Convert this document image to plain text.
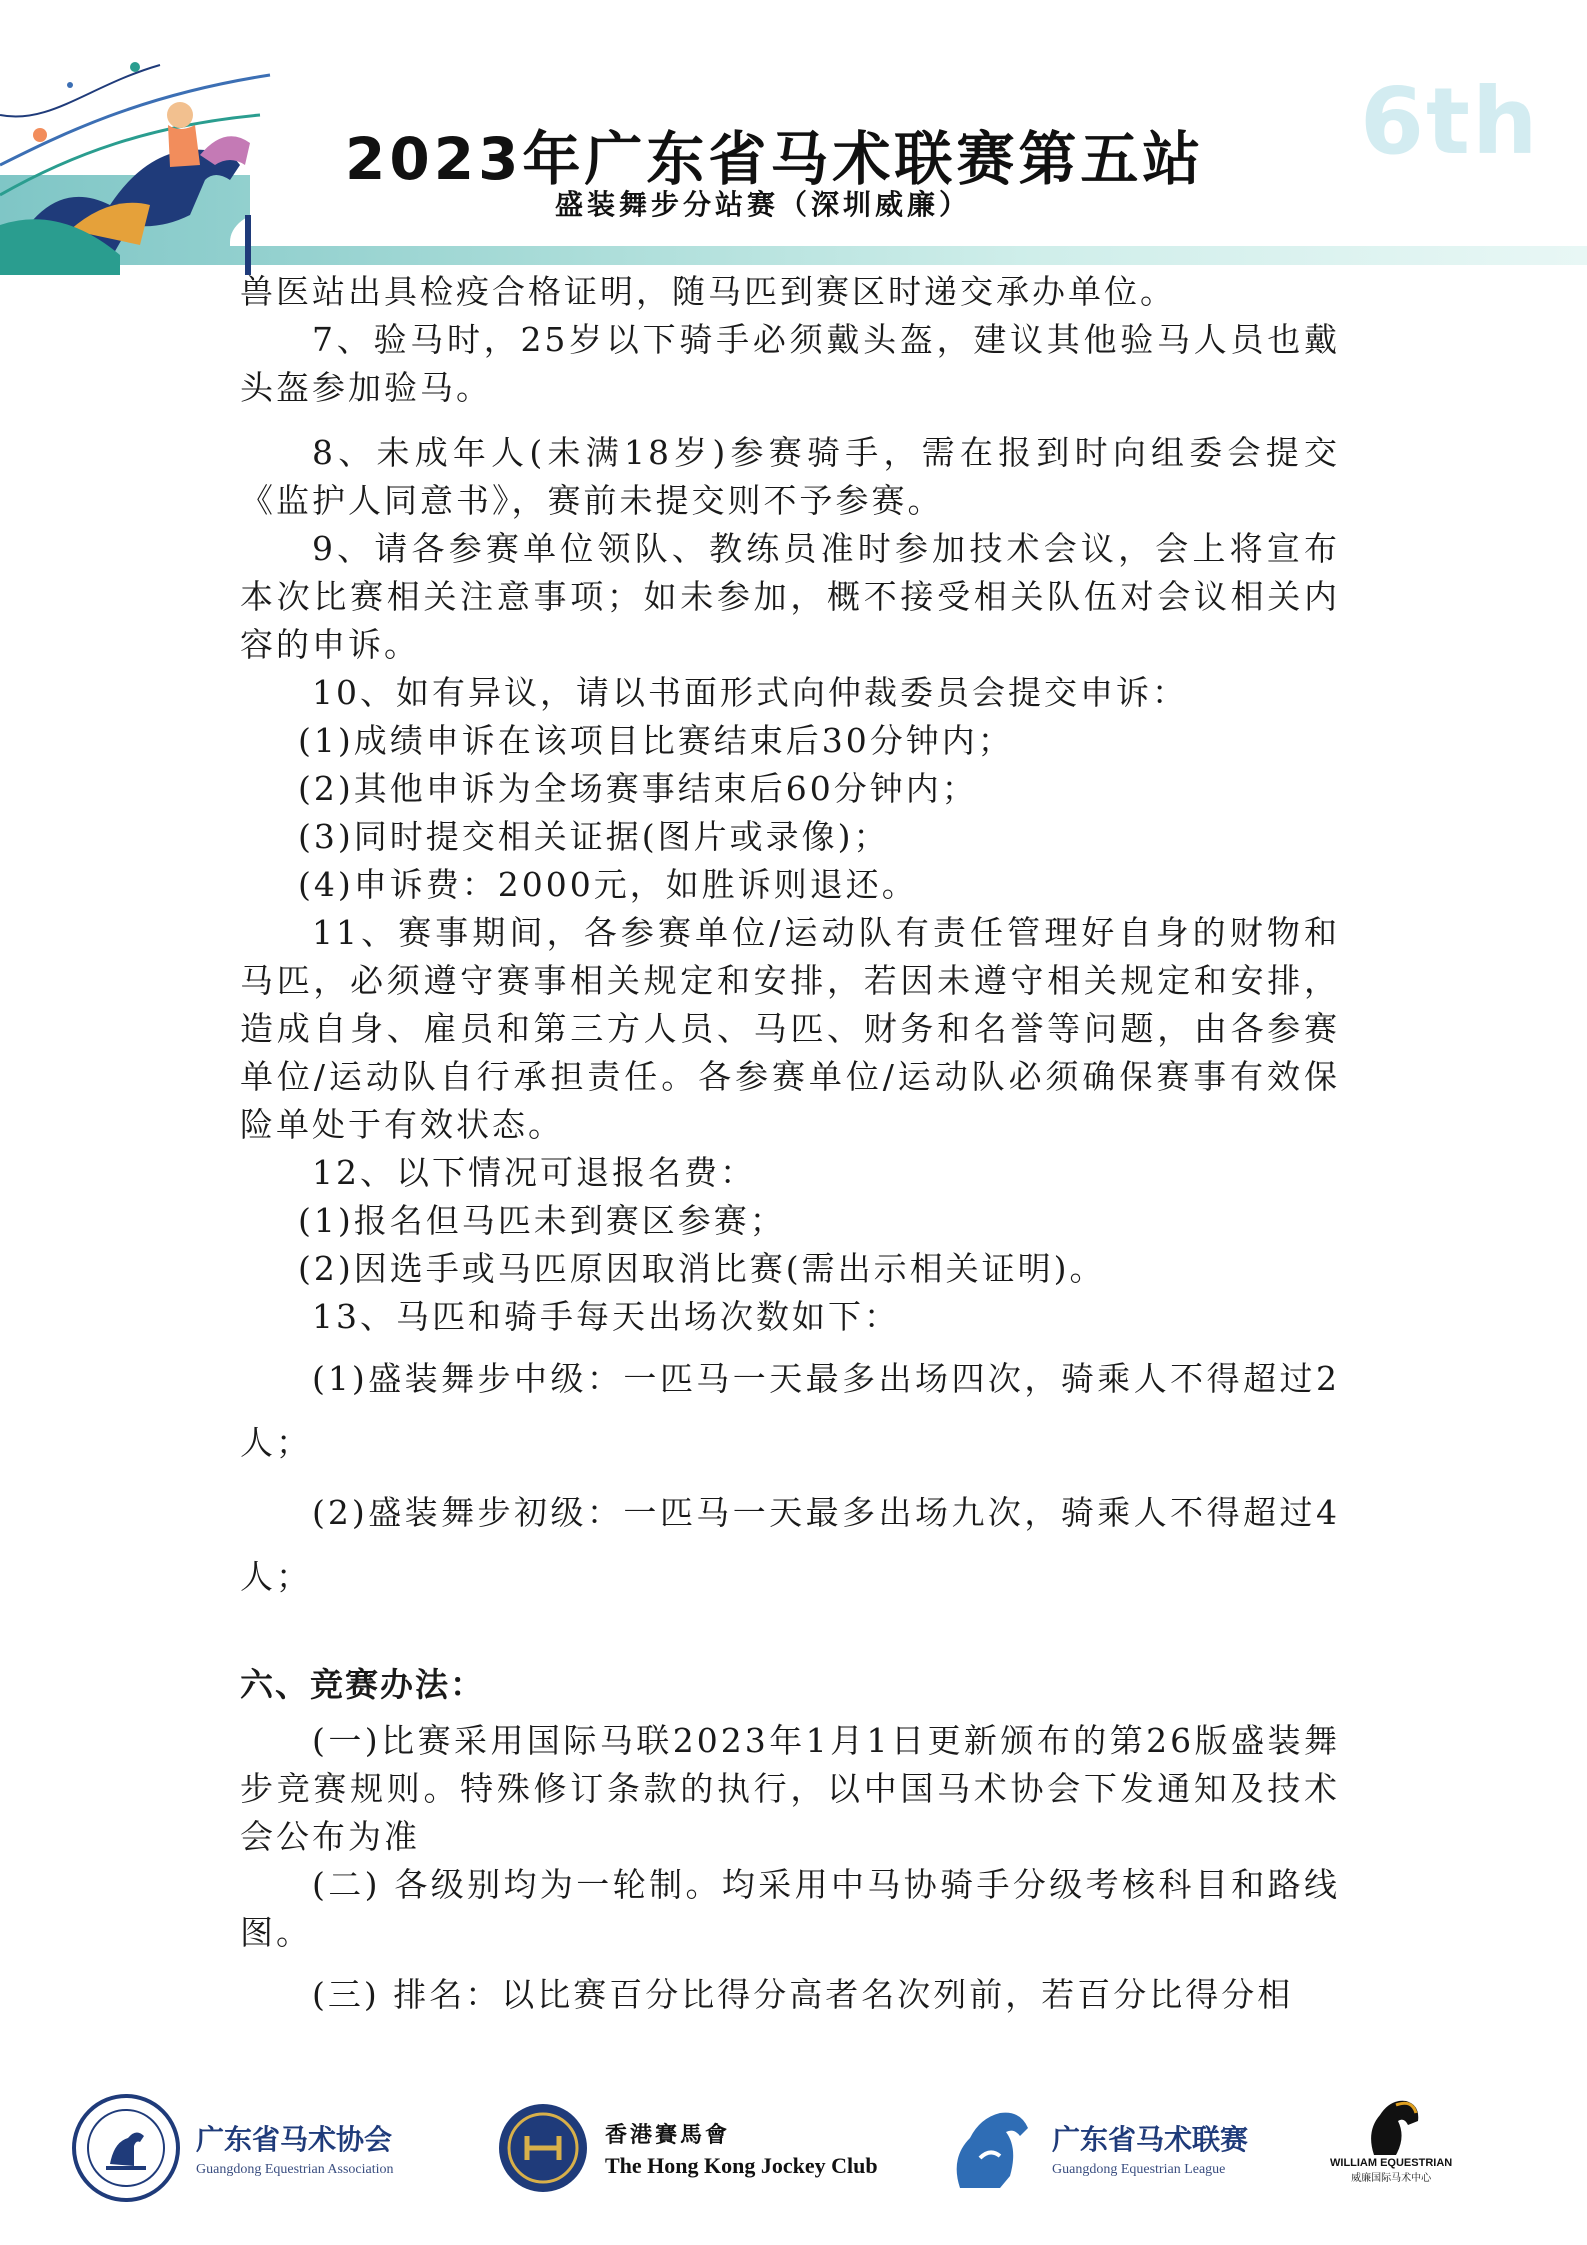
2023年广东省马术联赛第五站
盛装舞步分站赛（深圳威廉）
6th

兽医站出具检疫合格证明，随马匹到赛区时递交承办单位。

7、验马时，25岁以下骑手必须戴头盔，建议其他验马人员也戴头盔参加验马。

8、未成年人(未满18岁)参赛骑手，需在报到时向组委会提交《监护人同意书》，赛前未提交则不予参赛。

9、请各参赛单位领队、教练员准时参加技术会议，会上将宣布本次比赛相关注意事项；如未参加，概不接受相关队伍对会议相关内容的申诉。

10、如有异议，请以书面形式向仲裁委员会提交申诉：

(1)成绩申诉在该项目比赛结束后30分钟内；

(2)其他申诉为全场赛事结束后60分钟内；

(3)同时提交相关证据(图片或录像)；

(4)申诉费：2000元，如胜诉则退还。

11、赛事期间，各参赛单位/运动队有责任管理好自身的财物和马匹，必须遵守赛事相关规定和安排，若因未遵守相关规定和安排，造成自身、雇员和第三方人员、马匹、财务和名誉等问题，由各参赛单位/运动队自行承担责任。各参赛单位/运动队必须确保赛事有效保险单处于有效状态。

12、以下情况可退报名费：

(1)报名但马匹未到赛区参赛；

(2)因选手或马匹原因取消比赛(需出示相关证明)。

13、马匹和骑手每天出场次数如下：

(1)盛装舞步中级：一匹马一天最多出场四次，骑乘人不得超过2人；

(2)盛装舞步初级：一匹马一天最多出场九次，骑乘人不得超过4人；

六、竞赛办法：

(一)比赛采用国际马联2023年1月1日更新颁布的第26版盛装舞步竞赛规则。特殊修订条款的执行，以中国马术协会下发通知及技术会公布为准

(二) 各级别均为一轮制。均采用中马协骑手分级考核科目和路线图。

(三) 排名：以比赛百分比得分高者名次列前，若百分比得分相

广东省马术协会
Guangdong Equestrian Association
香港賽馬會
The Hong Kong Jockey Club
广东省马术联赛
Guangdong Equestrian League	WILLIAM EQUESTRIAN
威廉国际马术中心
